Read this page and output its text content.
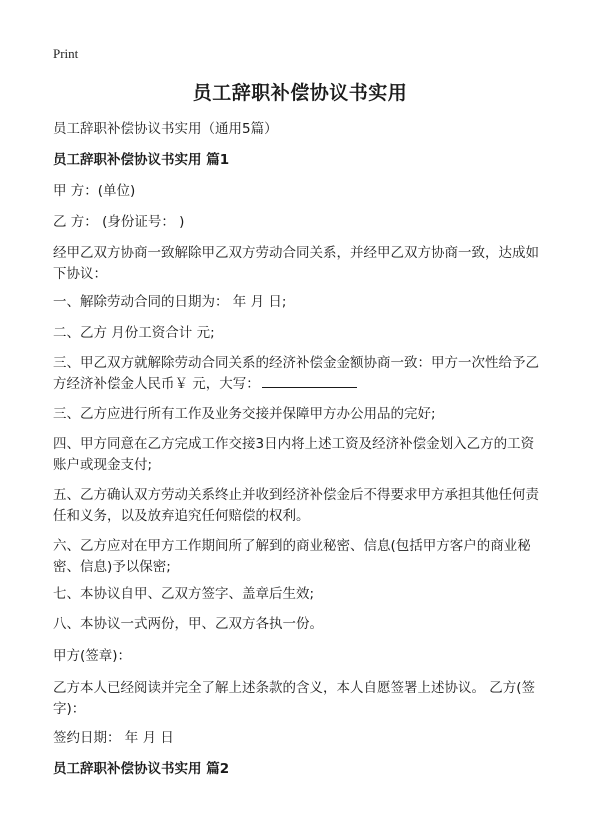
Print
员工辞职补偿协议书实用
员工辞职补偿协议书实用（通用5篇）
员工辞职补偿协议书实用 篇1
甲 方：(单位)
乙 方： (身份证号： )
经甲乙双方协商一致解除甲乙双方劳动合同关系，并经甲乙双方协商一致，达成如
下协议：
一、解除劳动合同的日期为： 年 月 日;
二、乙方 月份工资合计 元;
三、甲乙双方就解除劳动合同关系的经济补偿金金额协商一致：甲方一次性给予乙
方经济补偿金人民币￥ 元，大写：
三、乙方应进行所有工作及业务交接并保障甲方办公用品的完好;
四、甲方同意在乙方完成工作交接3日内将上述工资及经济补偿金划入乙方的工资
账户或现金支付;
五、乙方确认双方劳动关系终止并收到经济补偿金后不得要求甲方承担其他任何责
任和义务，以及放弃追究任何赔偿的权利。
六、乙方应对在甲方工作期间所了解到的商业秘密、信息(包括甲方客户的商业秘
密、信息)予以保密;
七、本协议自甲、乙双方签字、盖章后生效;
八、本协议一式两份，甲、乙双方各执一份。
甲方(签章)：
乙方本人已经阅读并完全了解上述条款的含义，本人自愿签署上述协议。 乙方(签
字)：
签约日期： 年 月 日
员工辞职补偿协议书实用 篇2
